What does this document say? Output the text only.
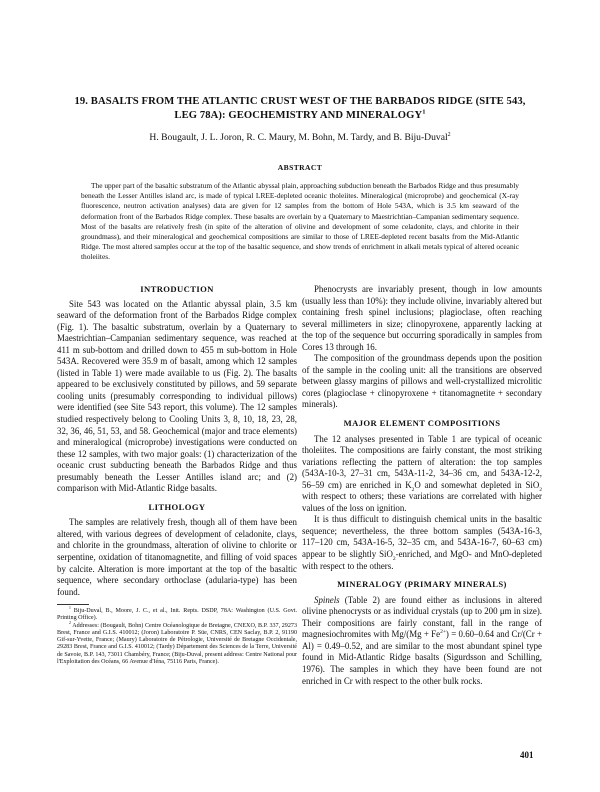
19. BASALTS FROM THE ATLANTIC CRUST WEST OF THE BARBADOS RIDGE (SITE 543,
LEG 78A): GEOCHEMISTRY AND MINERALOGY$^1$
H. Bougault, J. L. Joron, R. C. Maury, M. Bohn, M. Tardy, and B. Biju-Duval$^2$
ABSTRACT

The upper part of the basaltic substratum of the Atlantic abyssal plain, approaching subduction beneath the Barbados Ridge and thus presumably beneath the Lesser Antilles island arc, is made of typical LREE-depleted oceanic tholeiites. Mineralogical (microprobe) and geochemical (X-ray fluorescence, neutron activation analyses) data are given for 12 samples from the bottom of Hole 543A, which is 3.5 km seaward of the deformation front of the Barbados Ridge complex. These basalts are overlain by a Quaternary to Maestrichtian–Campanian sedimentary sequence. Most of the basalts are relatively fresh (in spite of the alteration of olivine and development of some celadonite, clays, and chlorite in their groundmass), and their mineralogical and geochemical compositions are similar to those of LREE-depleted recent basalts from the Mid-Atlantic Ridge. The most altered samples occur at the top of the basaltic sequence, and show trends of enrichment in alkali metals typical of altered oceanic tholeiites.

INTRODUCTION

Site 543 was located on the Atlantic abyssal plain, 3.5 km seaward of the deformation front of the Barbados Ridge complex (Fig. 1). The basaltic substratum, overlain by a Quaternary to Maestrichtian–Campanian sedimentary sequence, was reached at 411 m sub-bottom and drilled down to 455 m sub-bottom in Hole 543A. Recovered were 35.9 m of basalt, among which 12 samples (listed in Table 1) were made available to us (Fig. 2). The basalts appeared to be exclusively constituted by pillows, and 59 separate cooling units (presumably corresponding to individual pillows) were identified (see Site 543 report, this volume). The 12 samples studied respectively belong to Cooling Units 3, 8, 10, 18, 23, 28, 32, 36, 46, 51, 53, and 58. Geochemical (major and trace elements) and mineralogical (microprobe) investigations were conducted on these 12 samples, with two major goals: (1) characterization of the oceanic crust subducting beneath the Barbados Ridge and thus presumably beneath the Lesser Antilles island arc; and (2) comparison with Mid-Atlantic Ridge basalts.

LITHOLOGY

The samples are relatively fresh, though all of them have been altered, with various degrees of development of celadonite, clays, and chlorite in the groundmass, alteration of olivine to chlorite or serpentine, oxidation of titanomagnetite, and filling of void spaces by calcite. Alteration is more important at the top of the basaltic sequence, where secondary orthoclase (adularia-type) has been found.

$^1$ Biju-Duval, B., Moore, J. C., et al., Init. Repts. DSDP, 78A: Washington (U.S. Govt. Printing Office).

$^2$ Addresses: (Bougault, Bohn) Centre Océanologique de Bretagne, CNEXO, B.P. 337, 29273 Brest, France and G.I.S. 410012; (Joron) Laboratoire P. Süe, CNRS, CEN Saclay, B.P. 2, 91190 Gif-sur-Yvette, France; (Maury) Laboratoire de Pétrologie, Université de Bretagne Occidentale, 29283 Brest, France and G.I.S. 410012; (Tardy) Département des Sciences de la Terre, Université de Savoie, B.P. 143, 73011 Chambéry, France; (Biju-Duval, present address: Centre National pour l'Exploitation des Océans, 66 Avenue d'Iéna, 75116 Paris, France).

Phenocrysts are invariably present, though in low amounts (usually less than 10%): they include olivine, invariably altered but containing fresh spinel inclusions; plagioclase, often reaching several millimeters in size; clinopyroxene, apparently lacking at the top of the sequence but occurring sporadically in samples from Cores 13 through 16.

The composition of the groundmass depends upon the position of the sample in the cooling unit: all the transitions are observed between glassy margins of pillows and well-crystallized microlitic cores (plagioclase + clinopyroxene + titanomagnetite + secondary minerals).

MAJOR ELEMENT COMPOSITIONS

The 12 analyses presented in Table 1 are typical of oceanic tholeiites. The compositions are fairly constant, the most striking variations reflecting the pattern of alteration: the top samples (543A-10-3, 27–31 cm, 543A-11-2, 34–36 cm, and 543A-12-2, 56–59 cm) are enriched in $K_2O$ and somewhat depleted in SiO$_2$ with respect to others; these variations are correlated with higher values of the loss on ignition.

It is thus difficult to distinguish chemical units in the basaltic sequence; nevertheless, the three bottom samples (543A-16-3, 117–120 cm, 543A-16-5, 32–35 cm, and 543A-16-7, 60–63 cm) appear to be slightly SiO$_2$-enriched, and MgO- and MnO-depleted with respect to the others.

MINERALOGY (PRIMARY MINERALS)

Spinels (Table 2) are found either as inclusions in altered olivine phenocrysts or as individual crystals (up to 200 μm in size). Their compositions are fairly constant, fall in the range of magnesiochromites with $Mg/(Mg + Fe^{2+}) = 0.60-0.64$ and Cr/(Cr + Al) = 0.49–0.52, and are similar to the most abundant spinel type found in Mid-Atlantic Ridge basalts (Sigurdsson and Schilling, 1976). The samples in which they have been found are not enriched in Cr with respect to the other bulk rocks.

401
